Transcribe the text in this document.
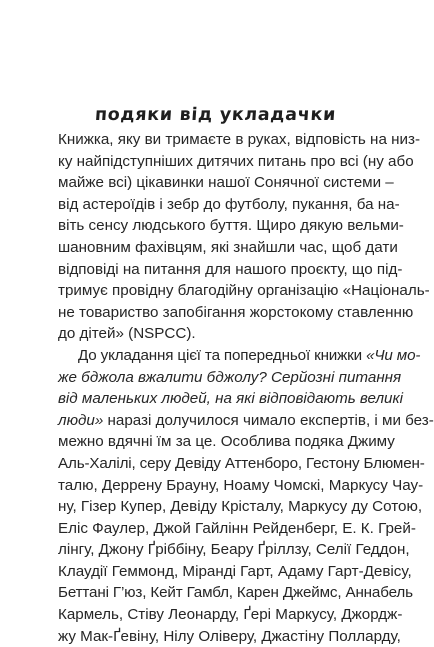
подяки від укладачки
Книжка, яку ви тримаєте в руках, відповість на низ-
ку найпідступніших дитячих питань про всі (ну або
майже всі) цікавинки нашої Сонячної системи –
від астероїдів і зебр до футболу, пукання, ба на-
віть сенсу людського буття. Щиро дякую вельми-
шановним фахівцям, які знайшли час, щоб дати
відповіді на питання для нашого проєкту, що під-
тримує провідну благодійну організацію «Національ-
не товариство запобігання жорстокому ставленню
до дітей» (NSPCC).
До укладання цієї та попередньої книжки «Чи мо-
же бджола вжалити бджолу? Серйозні питання
від маленьких людей, на які відповідають великі
люди» наразі долучилося чимало експертів, і ми без-
межно вдячні їм за це. Особлива подяка Джиму
Аль-Халілі, серу Девіду Аттенборо, Гестону Блюмен-
талю, Деррену Брауну, Ноаму Чомскі, Маркусу Чау-
ну, Гізер Купер, Девіду Крісталу, Маркусу ду Сотою,
Еліс Фаулер, Джой Гайлінн Рейденберг, Е. К. Грей-
лінгу, Джону Ґріббіну, Беару Ґріллзу, Селії Геддон,
Клаудії Геммонд, Міранді Гарт, Адаму Гарт-Девісу,
Беттані Г’юз, Кейт Гамбл, Карен Джеймс, Аннабель
Кармель, Стіву Леонарду, Ґері Маркусу, Джордж-
жу Мак-Ґевіну, Нілу Оліверу, Джастіну Полларду,
